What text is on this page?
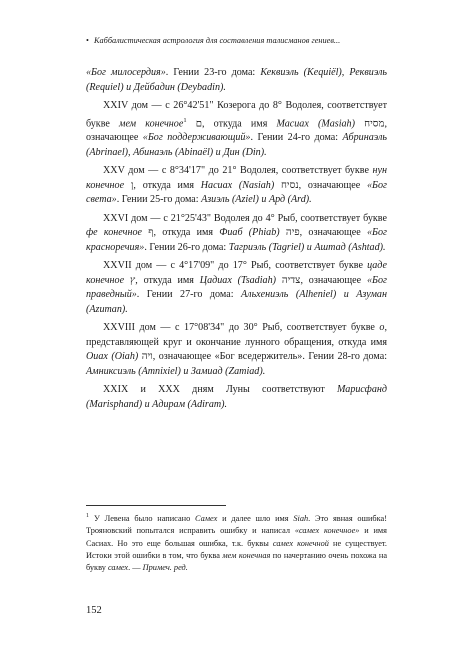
• Каббалистическая астрология для составления талисманов гениев...

«Бог милосердия». Гении 23-го дома: Кеквиэль (Kequiël), Реквиэль (Requiel) и Дейбадин (Deybadin).

XXIV дом — с 26°42'51" Козерога до 8° Водолея, соответствует букве мем конечное$^1$ ם, откуда имя Масиах (Masiah) מסיח, означающее «Бог поддерживающий». Гении 24-го дома: Абринаэль (Abrinael), Абинаэль (Abinaël) и Дин (Din).

XXV дом — с 8°34'17" до 21° Водолея, соответствует букве нун конечное ן, откуда имя Насиах (Nasiah) נסיח, означающее «Бог света». Гении 25-го дома: Азиэль (Aziel) и Ард (Ard).

XXVI дом — с 21°25'43" Водолея до 4° Рыб, соответствует букве фе конечное ף, откуда имя Фиаб (Phiab) פיה, означающее «Бог красноречия». Гении 26-го дома: Тагриэль (Tagriel) и Аштад (Ashtad).

XXVII дом — с 4°17'09" до 17° Рыб, соответствует букве цаде конечное ץ, откуда имя Цадиах (Tsadiah) צדיה, означающее «Бог праведный». Гении 27-го дома: Альхениэль (Alheniel) и Азуман (Azuman).

XXVIII дом — с 17°08'34" до 30° Рыб, соответствует букве о, представляющей круг и окончание лунного обращения, откуда имя Оиах (Oiah) ויה, означающее «Бог вседержитель». Гении 28-го дома: Амниксиэль (Amnixiel) и Замиад (Zamiad).

XXIX и XXX дням Луны соответствуют Марисфанд (Marisphand) и Адирам (Adiram).

$^1$ У Левена было написано Самех и далее шло имя Siah. Это явная ошибка! Трояновский попытался исправить ошибку и написал «самех конечное» и имя Сасиах. Но это еще большая ошибка, т.к. буквы самех конечной не существует. Истоки этой ошибки в том, что буква мем конечная по начертанию очень похожа на букву самех. — Примеч. ред.
152
